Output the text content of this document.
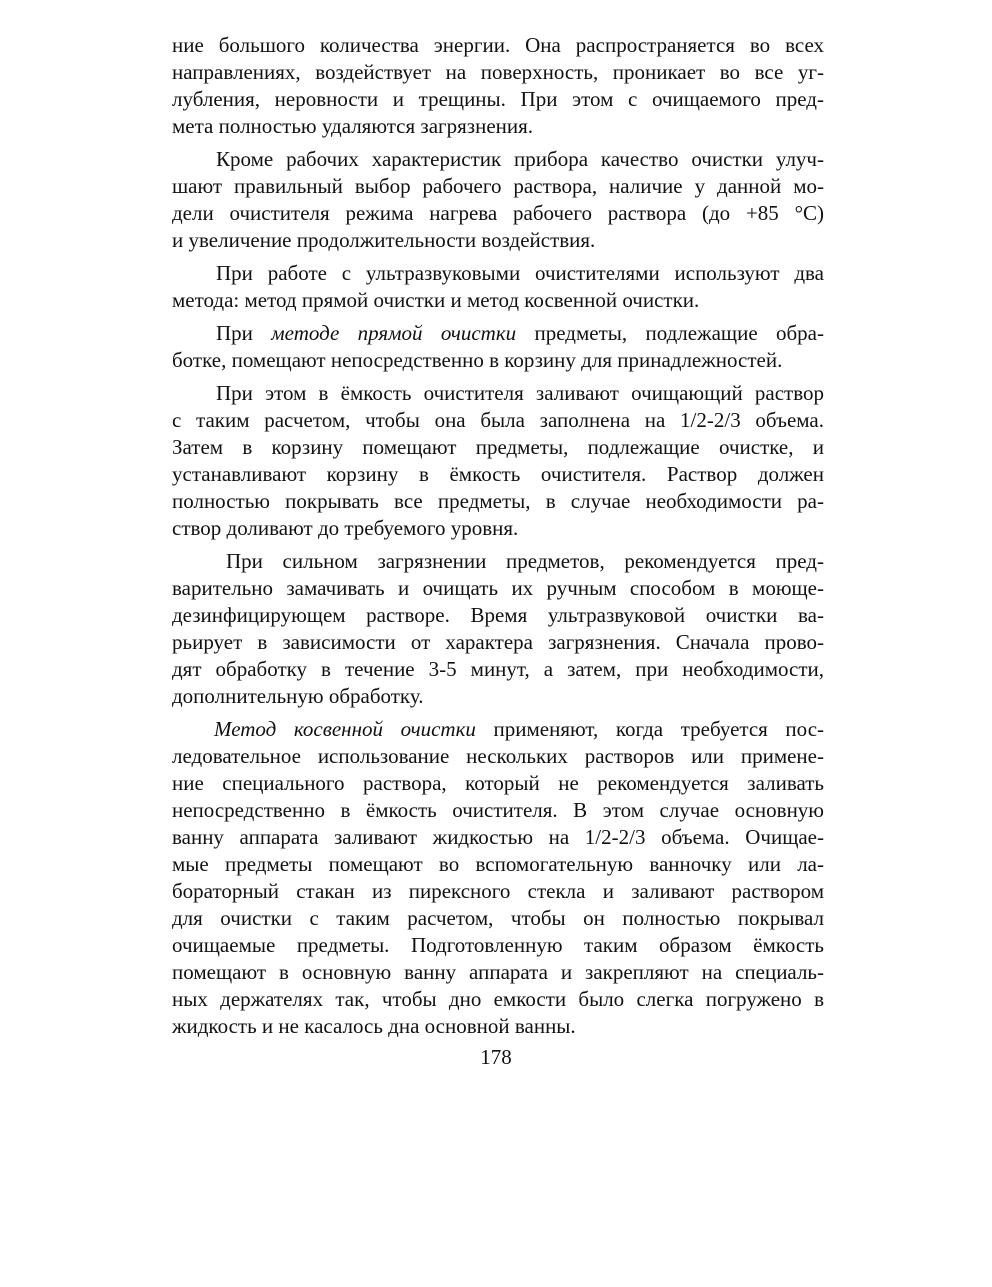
ние большого количества энергии. Она распространяется во всех
направлениях, воздействует на поверхность, проникает во все уг-
лубления, неровности и трещины. При этом с очищаемого пред-
мета полностью удаляются загрязнения.
Кроме рабочих характеристик прибора качество очистки улуч-
шают правильный выбор рабочего раствора, наличие у данной мо-
дели очистителя режима нагрева рабочего раствора (до +85 °С)
и увеличение продолжительности воздействия.
При работе с ультразвуковыми очистителями используют два
метода: метод прямой очистки и метод косвенной очистки.
При методе прямой очистки предметы, подлежащие обра-
ботке, помещают непосредственно в корзину для принадлежностей.
При этом в ёмкость очистителя заливают очищающий раствор
с таким расчетом, чтобы она была заполнена на 1/2-2/3 объема.
Затем в корзину помещают предметы, подлежащие очистке, и
устанавливают корзину в ёмкость очистителя. Раствор должен
полностью покрывать все предметы, в случае необходимости ра-
створ доливают до требуемого уровня.
При сильном загрязнении предметов, рекомендуется пред-
варительно замачивать и очищать их ручным способом в моюще-
дезинфицирующем растворе. Время ультразвуковой очистки ва-
рьирует в зависимости от характера загрязнения. Сначала прово-
дят обработку в течение 3-5 минут, а затем, при необходимости,
дополнительную обработку.
Метод косвенной очистки применяют, когда требуется пос-
ледовательное использование нескольких растворов или примене-
ние специального раствора, который не рекомендуется заливать
непосредственно в ёмкость очистителя. В этом случае основную
ванну аппарата заливают жидкостью на 1/2-2/3 объема. Очищае-
мые предметы помещают во вспомогательную ванночку или ла-
бораторный стакан из пирексного стекла и заливают раствором
для очистки с таким расчетом, чтобы он полностью покрывал
очищаемые предметы. Подготовленную таким образом ёмкость
помещают в основную ванну аппарата и закрепляют на специаль-
ных держателях так, чтобы дно емкости было слегка погружено в
жидкость и не касалось дна основной ванны.
178
